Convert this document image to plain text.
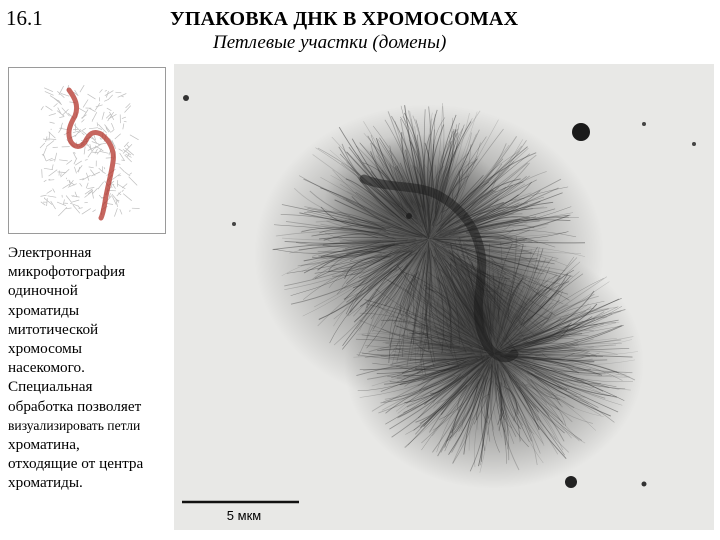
16.1	УПАКОВКА ДНК В ХРОМОСОМАХ
Петлевые участки (домены)
Электронная
микрофотография
одиночной
хроматиды
митотической
хромосомы
насекомого.
Специальная
обработка позволяет
визуализировать петли
хроматина,
отходящие от центра
хроматиды.
5 мкм
